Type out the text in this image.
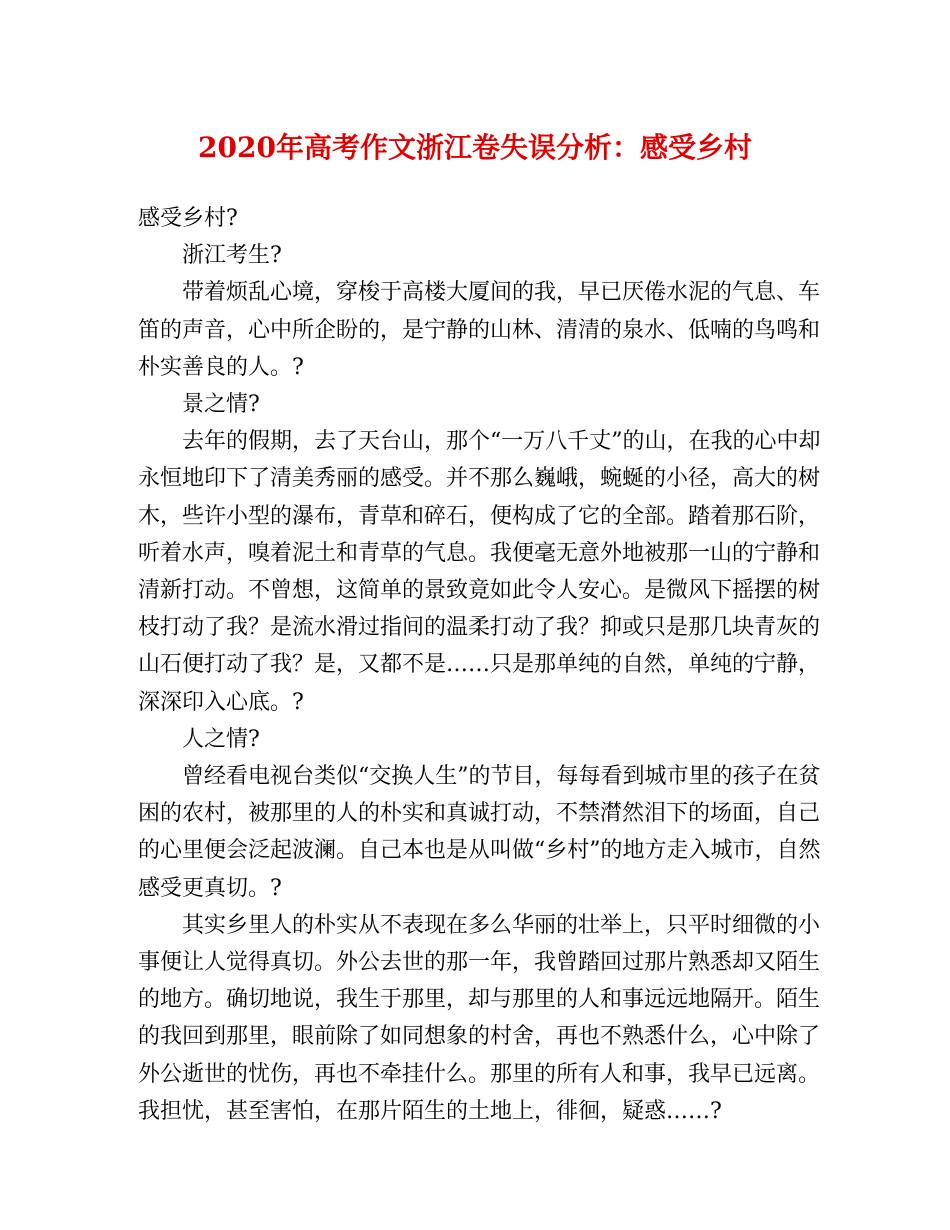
2020年高考作文浙江卷失误分析：感受乡村

感受乡村?

浙江考生?

带着烦乱心境，穿梭于高楼大厦间的我，早已厌倦水泥的气息、车笛的声音，心中所企盼的，是宁静的山林、清清的泉水、低喃的鸟鸣和朴实善良的人。?

景之情?

去年的假期，去了天台山，那个“一万八千丈”的山，在我的心中却永恒地印下了清美秀丽的感受。并不那么巍峨，蜿蜒的小径，高大的树木，些许小型的瀑布，青草和碎石，便构成了它的全部。踏着那石阶，听着水声，嗅着泥土和青草的气息。我便毫无意外地被那一山的宁静和清新打动。不曾想，这简单的景致竟如此令人安心。是微风下摇摆的树枝打动了我？是流水滑过指间的温柔打动了我？抑或只是那几块青灰的山石便打动了我？是，又都不是……只是那单纯的自然，单纯的宁静，深深印入心底。?

人之情?

曾经看电视台类似“交换人生”的节目，每每看到城市里的孩子在贫困的农村，被那里的人的朴实和真诚打动，不禁潸然泪下的场面，自己的心里便会泛起波澜。自己本也是从叫做“乡村”的地方走入城市，自然感受更真切。?

其实乡里人的朴实从不表现在多么华丽的壮举上，只平时细微的小事便让人觉得真切。外公去世的那一年，我曾踏回过那片熟悉却又陌生的地方。确切地说，我生于那里，却与那里的人和事远远地隔开。陌生的我回到那里，眼前除了如同想象的村舍，再也不熟悉什么，心中除了外公逝世的忧伤，再也不牵挂什么。那里的所有人和事，我早已远离。我担忧，甚至害怕，在那片陌生的土地上，徘徊，疑惑……?
